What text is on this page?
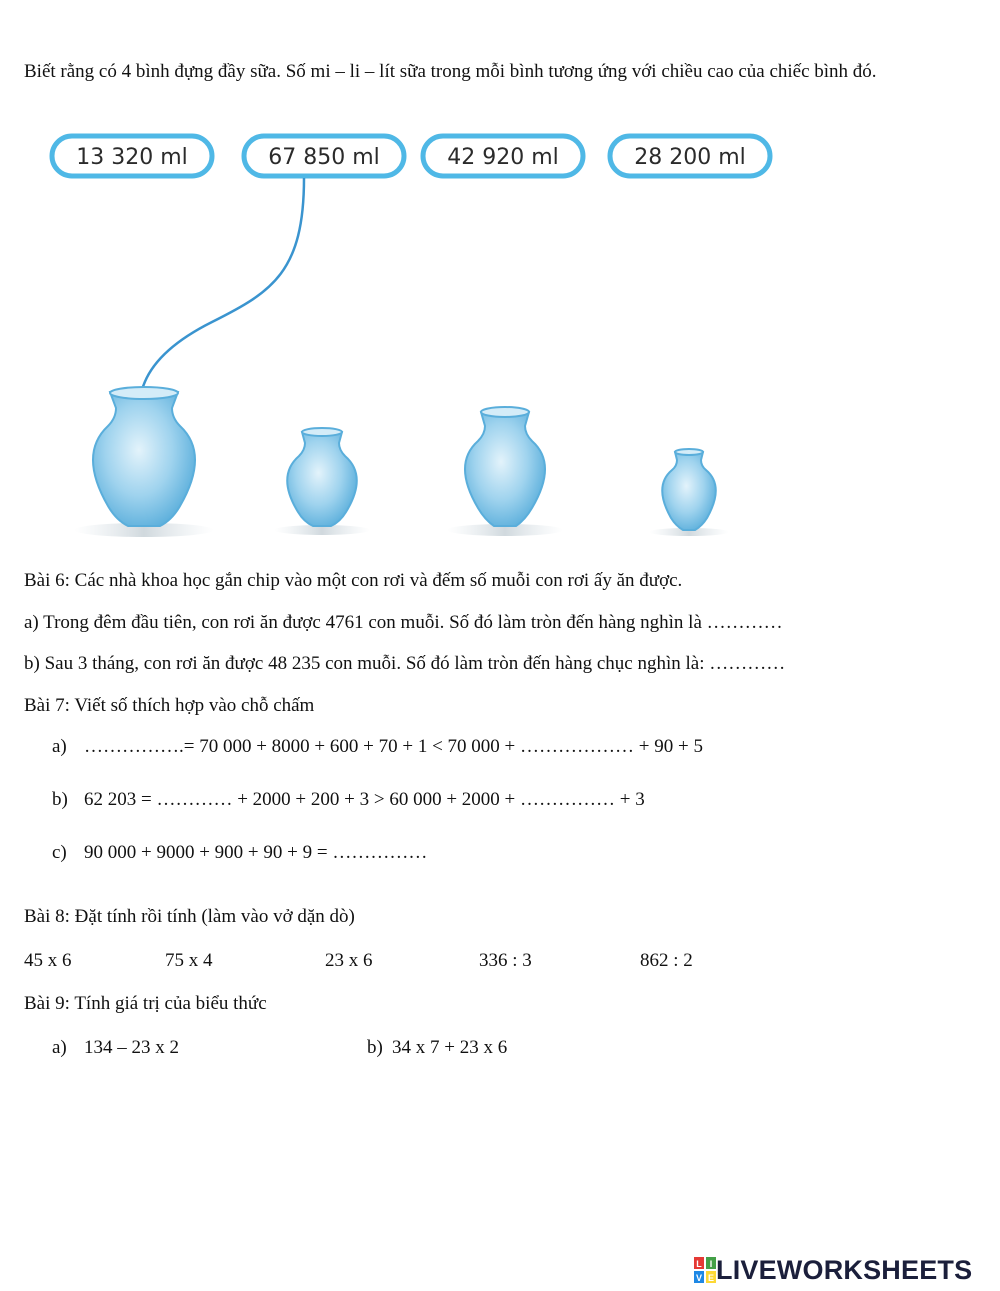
Biết rằng có 4 bình đựng đầy sữa. Số mi – li – lít sữa trong mỗi bình tương ứng với chiều cao của chiếc bình đó.
13 320 ml	67 850 ml	42 920 ml	28 200 ml
Bài 6: Các nhà khoa học gắn chip vào một con rơi và đếm số muỗi con rơi ấy ăn được.
a) Trong đêm đầu tiên, con rơi ăn được 4761 con muỗi. Số đó làm tròn đến hàng nghìn là …………
b) Sau 3 tháng, con rơi ăn được 48 235 con muỗi. Số đó làm tròn đến hàng chục nghìn là: …………
Bài 7: Viết số thích hợp vào chỗ chấm
a) …………….= 70 000 + 8000 + 600 + 70 + 1 < 70 000 + ……………… + 90 + 5
b) 62 203 = ………… + 2000 + 200 + 3 > 60 000 + 2000 + …………… + 3
c) 90 000 + 9000 + 900 + 90 + 9 = ……………
Bài 8: Đặt tính rồi tính (làm vào vở dặn dò)
45 x 6	75 x 4	23 x 6	336 : 3	862 : 2
Bài 9: Tính giá trị của biểu thức
a) 134 – 23 x 2	b) 34 x 7 + 23 x 6
L I
V E LIVEWORKSHEETS
